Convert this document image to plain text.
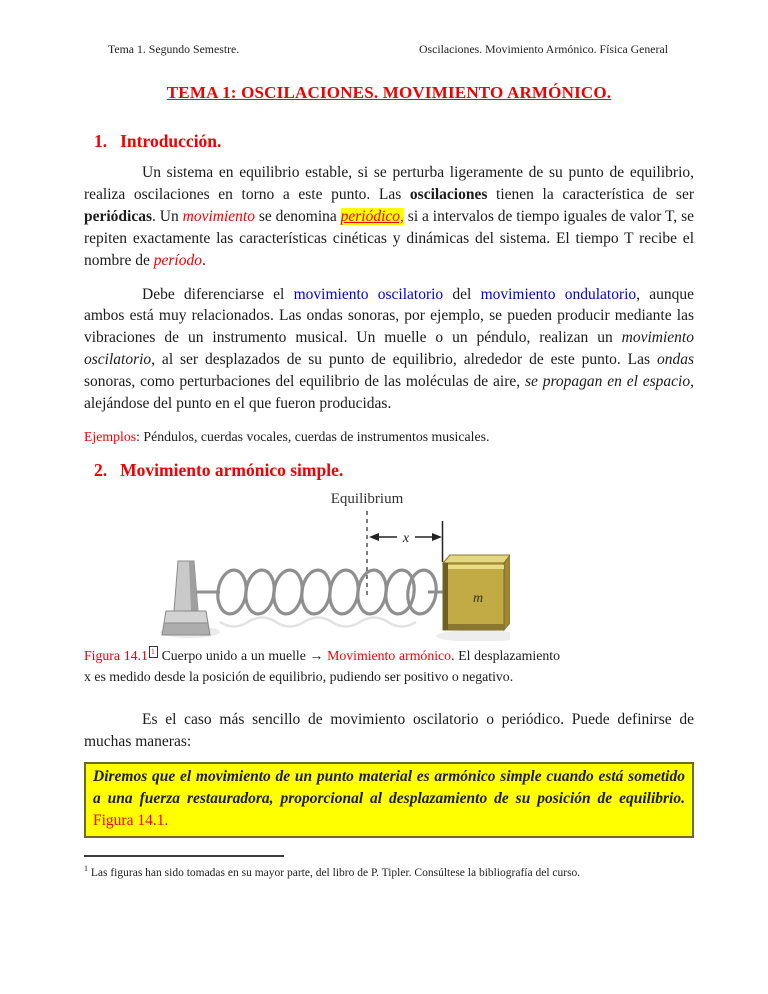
Tema 1. Segundo Semestre.	Oscilaciones. Movimiento Armónico. Física General
TEMA 1: OSCILACIONES. MOVIMIENTO ARMÓNICO.
1. Introducción.

Un sistema en equilibrio estable, si se perturba ligeramente de su punto de equilibrio, realiza oscilaciones en torno a este punto. Las oscilaciones tienen la característica de ser periódicas. Un movimiento se denomina periódico, si a intervalos de tiempo iguales de valor T, se repiten exactamente las características cinéticas y dinámicas del sistema. El tiempo T recibe el nombre de período.

Debe diferenciarse el movimiento oscilatorio del movimiento ondulatorio, aunque ambos está muy relacionados. Las ondas sonoras, por ejemplo, se pueden producir mediante las vibraciones de un instrumento musical. Un muelle o un péndulo, realizan un movimiento oscilatorio, al ser desplazados de su punto de equilibrio, alrededor de este punto. Las ondas sonoras, como perturbaciones del equilibrio de las moléculas de aire, se propagan en el espacio, alejándose del punto en el que fueron producidas.

Ejemplos: Péndulos, cuerdas vocales, cuerdas de instrumentos musicales.

2. Movimiento armónico simple.
Equilibrium
x
m

Figura 14.1 $^1$ Cuerpo unido a un muelle → Movimiento armónico. El desplazamiento x es medido desde la posición de equilibrio, pudiendo ser positivo o negativo.

Es el caso más sencillo de movimiento oscilatorio o periódico. Puede definirse de muchas maneras:

Diremos que el movimiento de un punto material es armónico simple cuando está sometido a una fuerza restauradora, proporcional al desplazamiento de su posición de equilibrio. Figura 14.1.

$^1$ Las figuras han sido tomadas en su mayor parte, del libro de P. Tipler. Consúltese la bibliografía del curso.
